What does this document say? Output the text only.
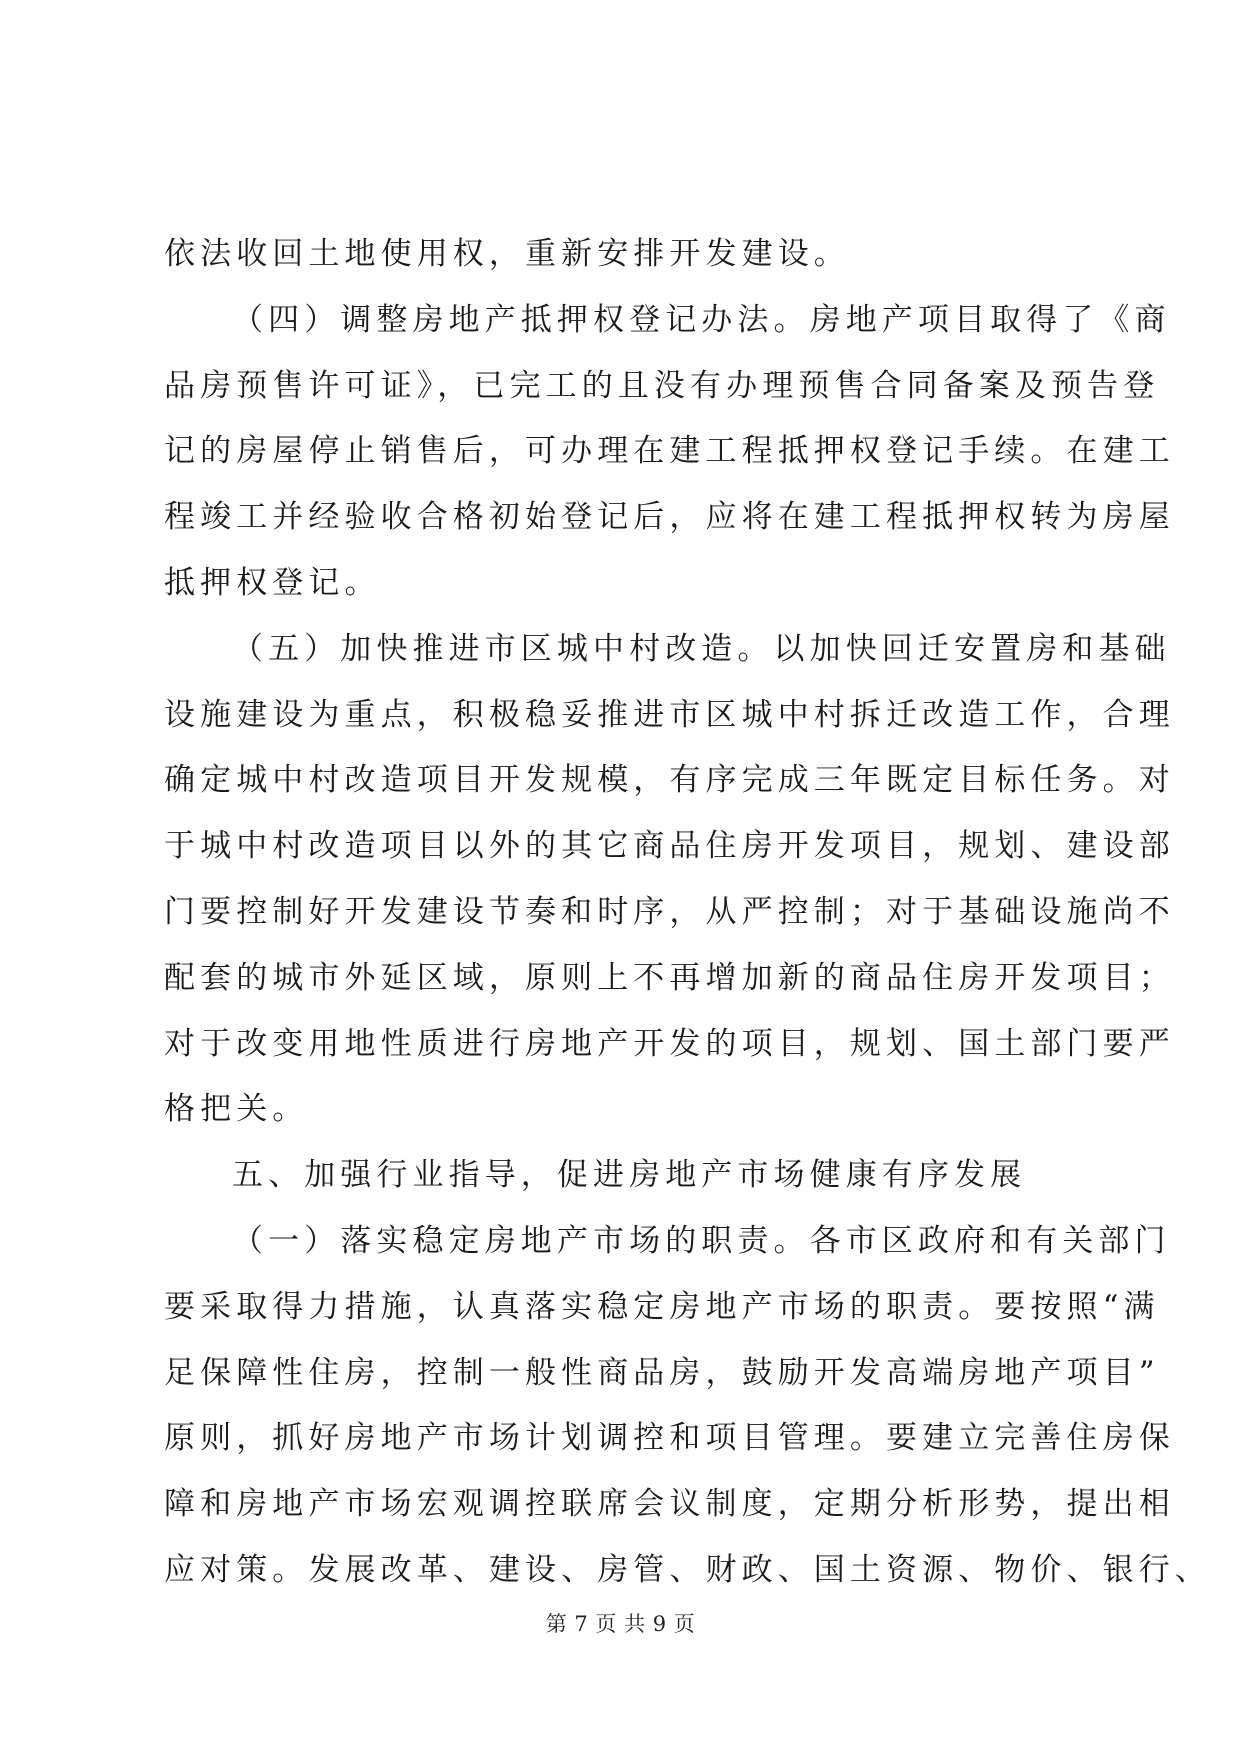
依法收回土地使用权，重新安排开发建设。
（四）调整房地产抵押权登记办法。房地产项目取得了《商
品房预售许可证》，已完工的且没有办理预售合同备案及预告登
记的房屋停止销售后，可办理在建工程抵押权登记手续。在建工
程竣工并经验收合格初始登记后，应将在建工程抵押权转为房屋
抵押权登记。
（五）加快推进市区城中村改造。以加快回迁安置房和基础
设施建设为重点，积极稳妥推进市区城中村拆迁改造工作，合理
确定城中村改造项目开发规模，有序完成三年既定目标任务。对
于城中村改造项目以外的其它商品住房开发项目，规划、建设部
门要控制好开发建设节奏和时序，从严控制；对于基础设施尚不
配套的城市外延区域，原则上不再增加新的商品住房开发项目；
对于改变用地性质进行房地产开发的项目，规划、国土部门要严
格把关。
五、加强行业指导，促进房地产市场健康有序发展
（一）落实稳定房地产市场的职责。各市区政府和有关部门
要采取得力措施，认真落实稳定房地产市场的职责。要按照“满
足保障性住房，控制一般性商品房，鼓励开发高端房地产项目”
原则，抓好房地产市场计划调控和项目管理。要建立完善住房保
障和房地产市场宏观调控联席会议制度，定期分析形势，提出相
应对策。发展改革、建设、房管、财政、国土资源、物价、银行、
第 7 页 共 9 页
